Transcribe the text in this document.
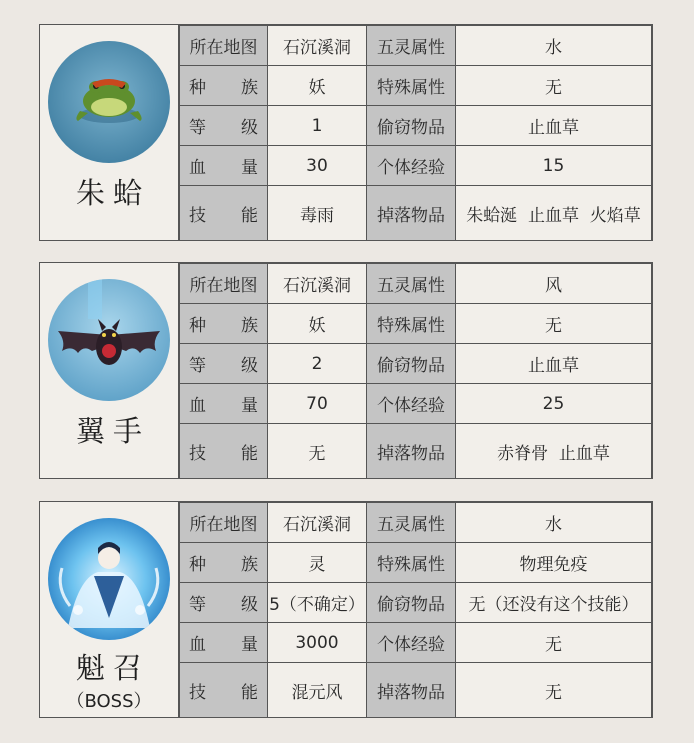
朱蛤
所在地图	石沉溪洞	五灵属性	水

种 族	妖	特殊属性	无

等 级	1	偷窃物品	止血草

血 量	30	个体经验	15

技 能	毒雨	掉落物品	朱蛤涎  止血草  火焰草
翼手
所在地图	石沉溪洞	五灵属性	风

种 族	妖	特殊属性	无

等 级	2	偷窃物品	止血草

血 量	70	个体经验	25

技 能	无	掉落物品	赤脊骨  止血草
魁召
（BOSS）
所在地图	石沉溪洞	五灵属性	水

种 族	灵	特殊属性	物理免疫

等 级	5（不确定）	偷窃物品	无（还没有这个技能）

血 量	3000	个体经验	无

技 能	混元风	掉落物品	无
